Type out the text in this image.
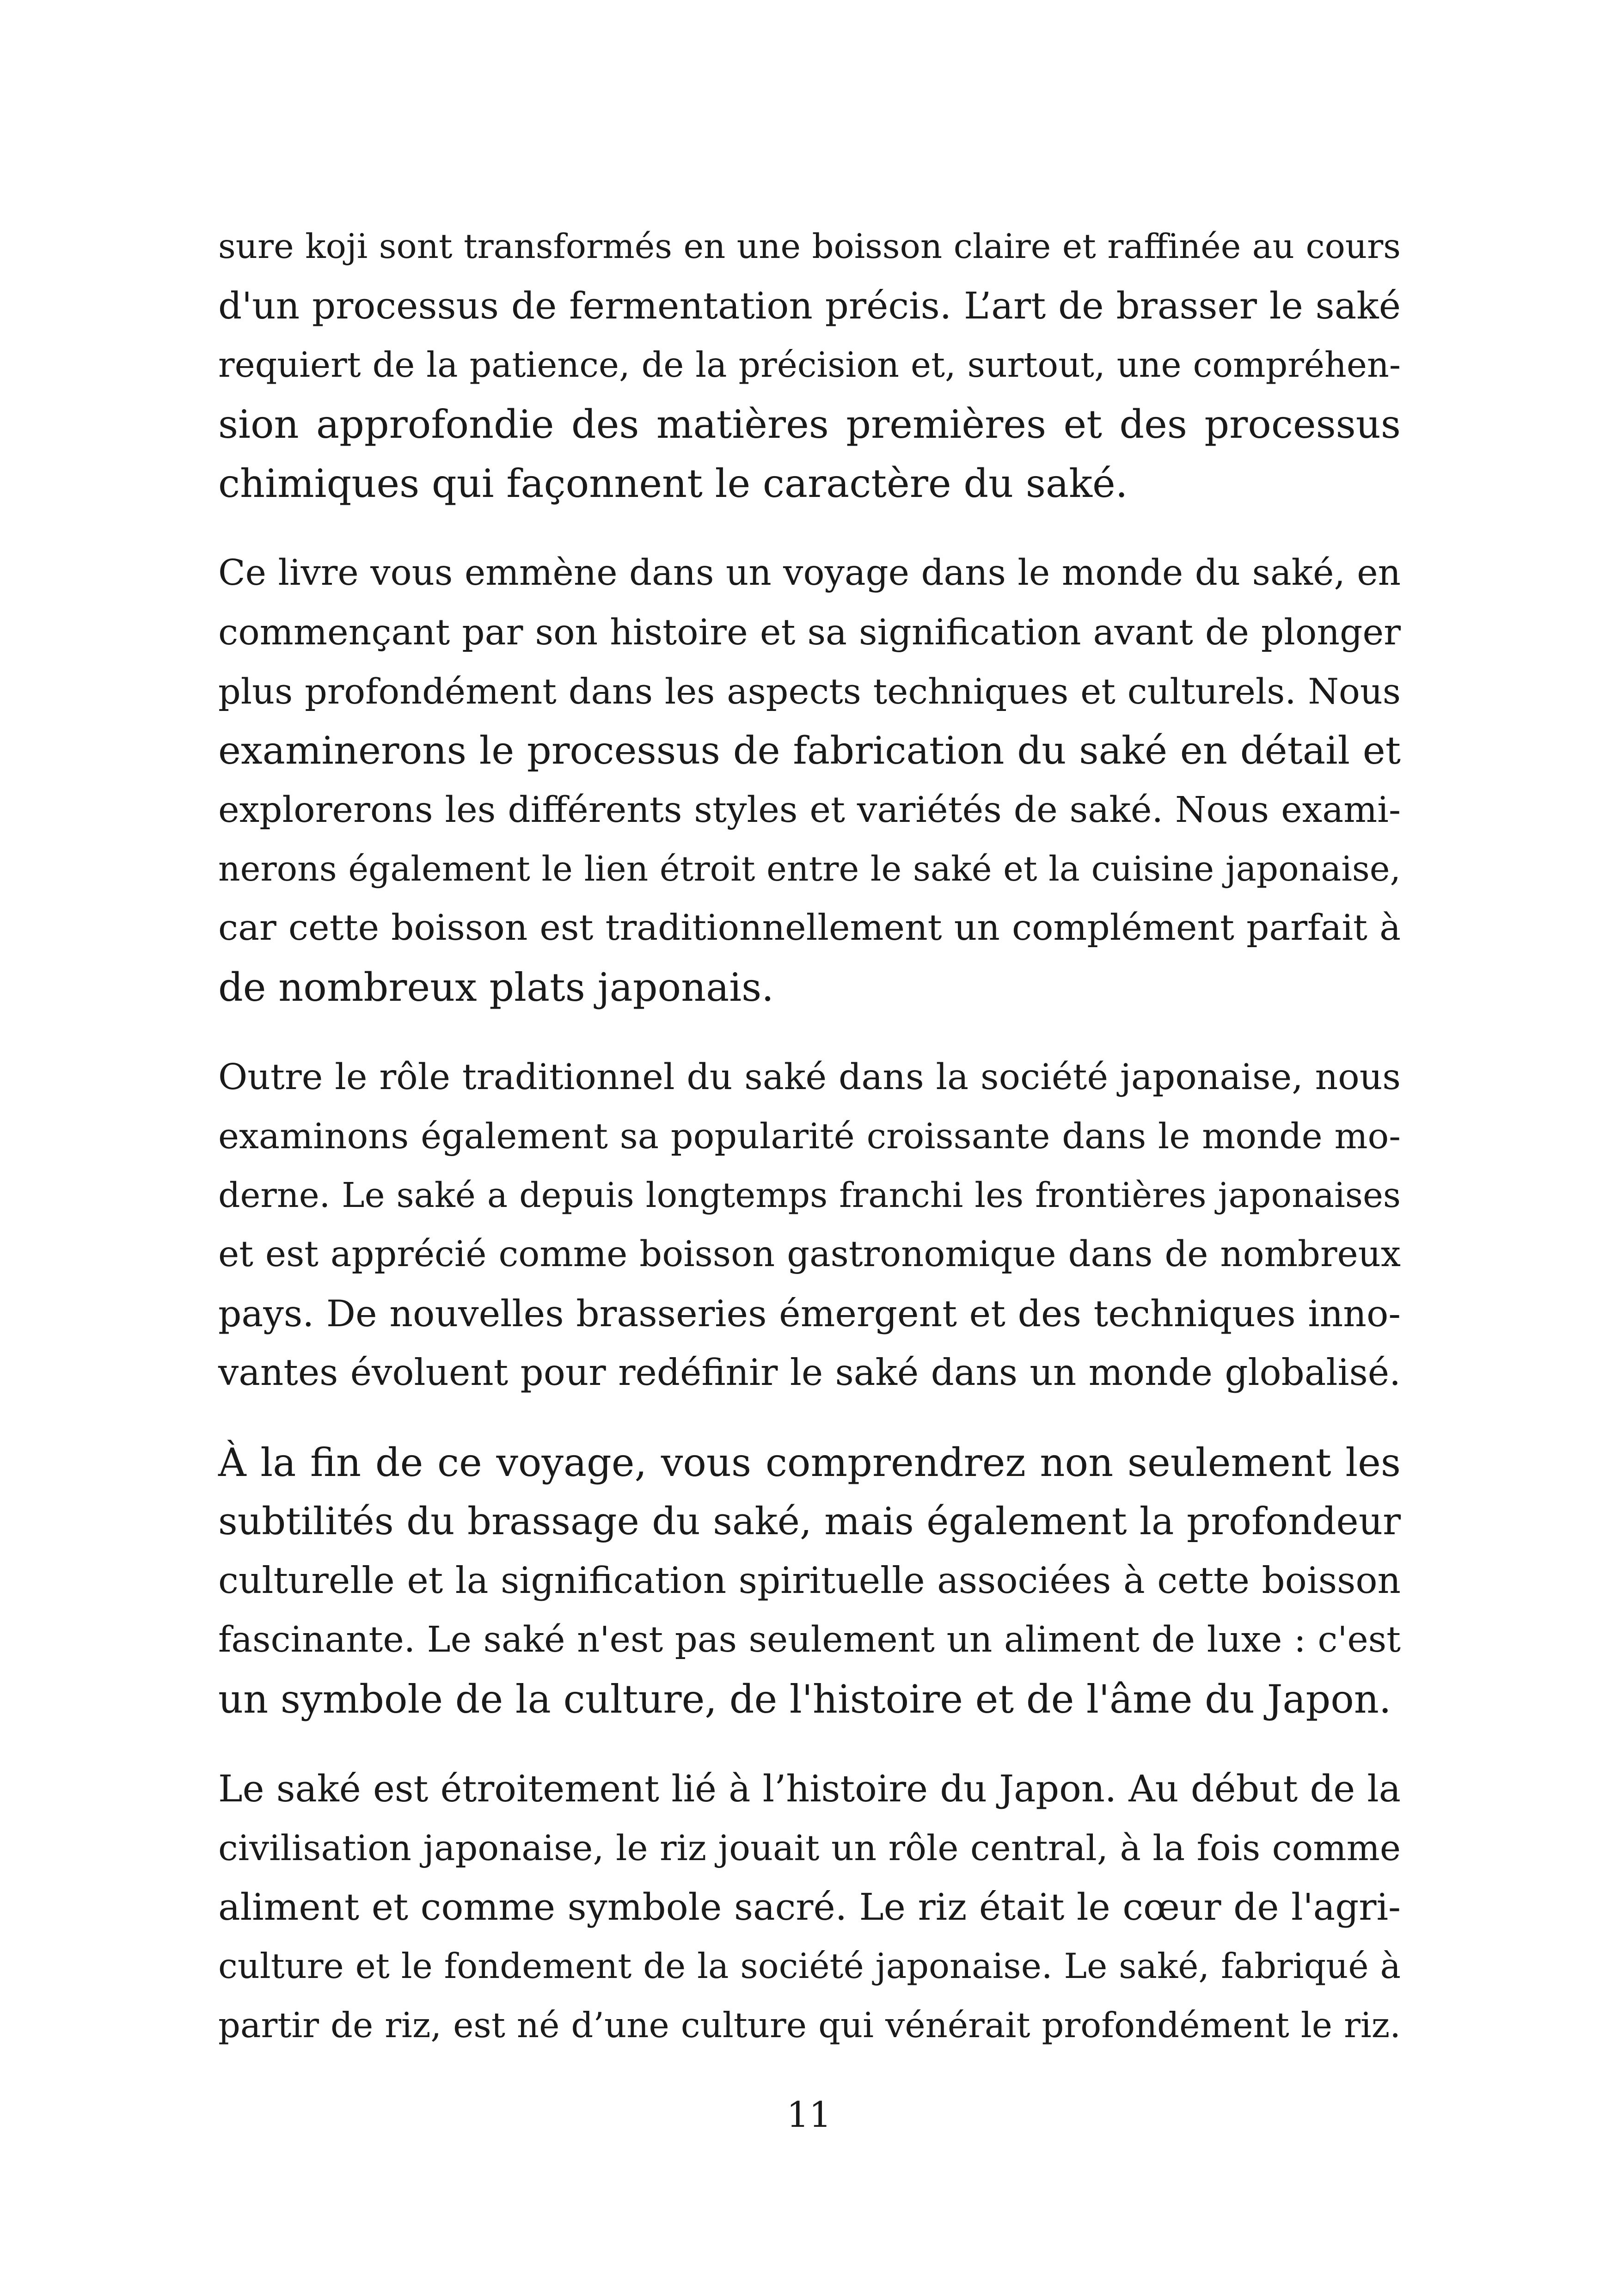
sure koji sont transformés en une boisson claire et raffinée au cours
d'un processus de fermentation précis. L’art de brasser le saké
requiert de la patience, de la précision et, surtout, une compréhen-
sion approfondie des matières premières et des processus
chimiques qui façonnent le caractère du saké.

Ce livre vous emmène dans un voyage dans le monde du saké, en
commençant par son histoire et sa signification avant de plonger
plus profondément dans les aspects techniques et culturels. Nous
examinerons le processus de fabrication du saké en détail et
explorerons les différents styles et variétés de saké. Nous exami-
nerons également le lien étroit entre le saké et la cuisine japonaise,
car cette boisson est traditionnellement un complément parfait à
de nombreux plats japonais.

Outre le rôle traditionnel du saké dans la société japonaise, nous
examinons également sa popularité croissante dans le monde mo-
derne. Le saké a depuis longtemps franchi les frontières japonaises
et est apprécié comme boisson gastronomique dans de nombreux
pays. De nouvelles brasseries émergent et des techniques inno-
vantes évoluent pour redéfinir le saké dans un monde globalisé.

À la fin de ce voyage, vous comprendrez non seulement les
subtilités du brassage du saké, mais également la profondeur
culturelle et la signification spirituelle associées à cette boisson
fascinante. Le saké n'est pas seulement un aliment de luxe : c'est
un symbole de la culture, de l'histoire et de l'âme du Japon.

Le saké est étroitement lié à l’histoire du Japon. Au début de la
civilisation japonaise, le riz jouait un rôle central, à la fois comme
aliment et comme symbole sacré. Le riz était le cœur de l'agri-
culture et le fondement de la société japonaise. Le saké, fabriqué à
partir de riz, est né d’une culture qui vénérait profondément le riz.

11
